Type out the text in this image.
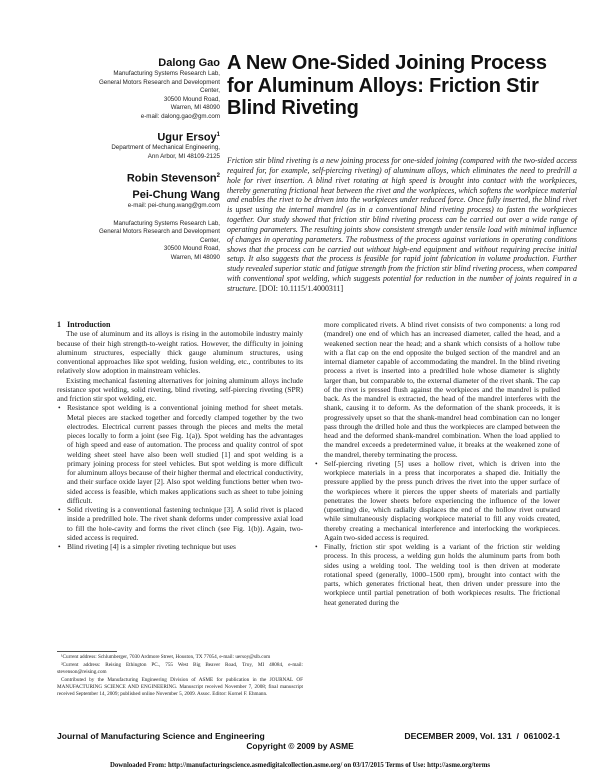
Dalong Gao
Manufacturing Systems Research Lab,
General Motors Research and Development
Center,
30500 Mound Road,
Warren, MI 48090
e-mail: dalong.gao@gm.com
Ugur Ersoy$^1$
Department of Mechanical Engineering,
Ann Arbor, MI 48109-2125
Robin Stevenson$^2$
Pei-Chung Wang
e-mail: pei-chung.wang@gm.com
Manufacturing Systems Research Lab,
General Motors Research and Development
Center,
30500 Mound Road,
Warren, MI 48090
A New One-Sided Joining Process
for Aluminum Alloys: Friction Stir
Blind Riveting
Friction stir blind riveting is a new joining process for one-sided joining (compared with the two-sided access required for, for example, self-piercing riveting) of aluminum alloys, which eliminates the need to predrill a hole for rivet insertion. A blind rivet rotating at high speed is brought into contact with the workpieces, thereby generating frictional heat between the rivet and the workpieces, which softens the workpiece material and enables the rivet to be driven into the workpieces under reduced force. Once fully inserted, the blind rivet is upset using the internal mandrel (as in a conventional blind riveting process) to fasten the workpieces together. Our study showed that friction stir blind riveting process can be carried out over a wide range of operating parameters. The resulting joints show consistent strength under tensile load with minimal influence of changes in operating parameters. The robustness of the process against variations in operating conditions shows that the process can be carried out without high-end equipment and without requiring precise initial setup. It also suggests that the process is feasible for rapid joint fabrication in volume production. Further study revealed superior static and fatigue strength from the friction stir blind riveting process, when compared with conventional spot welding, which suggests potential for reduction in the number of joints required in a structure. [DOI: 10.1115/1.4000311]

1 Introduction

The use of aluminum and its alloys is rising in the automobile industry mainly because of their high strength-to-weight ratios. However, the difficulty in joining aluminum structures, especially thick gauge aluminum structures, using conventional approaches like spot welding, fusion welding, etc., contributes to its relatively slow adoption in mainstream vehicles.

Existing mechanical fastening alternatives for joining aluminum alloys include resistance spot welding, solid riveting, blind riveting, self-piercing riveting (SPR) and friction stir spot welding, etc.

• Resistance spot welding is a conventional joining method for sheet metals. Metal pieces are stacked together and forcedly clamped together by the two electrodes. Electrical current passes through the pieces and melts the metal pieces locally to form a joint (see Fig. 1(a)). Spot welding has the advantages of high speed and ease of automation. The process and quality control of spot welding sheet steel have also been well studied [1] and spot welding is a primary joining process for steel vehicles. But spot welding is more difficult for aluminum alloys because of their higher thermal and electrical conductivity, and their surface oxide layer [2]. Also spot welding functions better when two-sided access is feasible, which makes applications such as sheet to tube joining difficult.
• Solid riveting is a conventional fastening technique [3]. A solid rivet is placed inside a predrilled hole. The rivet shank deforms under compressive axial load to fill the hole-cavity and forms the rivet clinch (see Fig. 1(b)). Again, two-sided access is required.
• Blind riveting [4] is a simpler riveting technique but uses

more complicated rivets. A blind rivet consists of two components: a long rod (mandrel) one end of which has an increased diameter, called the head, and a weakened section near the head; and a shank which consists of a hollow tube with a flat cap on the end opposite the bulged section of the mandrel and an internal diameter capable of accommodating the mandrel. In the blind riveting process a rivet is inserted into a predrilled hole whose diameter is slightly larger than, but comparable to, the external diameter of the rivet shank. The cap of the rivet is pressed flush against the workpieces and the mandrel is pulled back. As the mandrel is extracted, the head of the mandrel interferes with the shank, causing it to deform. As the deformation of the shank proceeds, it is progressively upset so that the shank-mandrel head combination can no longer pass through the drilled hole and thus the workpieces are clamped between the head and the deformed shank-mandrel combination. When the load applied to the mandrel exceeds a predetermined value, it breaks at the weakened zone of the mandrel, thereby terminating the process.

• Self-piercing riveting [5] uses a hollow rivet, which is driven into the workpiece materials in a press that incorporates a shaped die. Initially the pressure applied by the press punch drives the rivet into the upper surface of the workpieces where it pierces the upper sheets of materials and partially penetrates the lower sheets before experiencing the influence of the lower (upsetting) die, which radially displaces the end of the hollow rivet outward while simultaneously displacing workpiece material to fill any voids created, thereby creating a mechanical interference and interlocking the workpieces. Again two-sided access is required.
• Finally, friction stir spot welding is a variant of the friction stir welding process. In this process, a welding gun holds the aluminum parts from both sides using a welding tool. The welding tool is then driven at moderate rotational speed (generally, 1000–1500 rpm), brought into contact with the parts, which generates frictional heat, then driven under pressure into the workpiece until partial penetration of both workpieces results. The frictional heat generated during the

¹Current address: Schlumberger, 7030 Ardmore Street, Houston, TX 77054, e-mail: uersoy@slb.com

²Current address: Reising Ethington PC., 755 West Big Beaver Road, Troy, MI 48084, e-mail: stevenson@reising.com

Contributed by the Manufacturing Engineering Division of ASME for publication in the JOURNAL OF MANUFACTURING SCIENCE AND ENGINEERING. Manuscript received November 7, 2008; final manuscript received September 14, 2009; published online November 5, 2009. Assoc. Editor: Kornel F. Ehmann.

Journal of Manufacturing Science and Engineering	DECEMBER 2009, Vol. 131 / 061002-1
Copyright © 2009 by ASME
Downloaded From: http://manufacturingscience.asmedigitalcollection.asme.org/ on 03/17/2015 Terms of Use: http://asme.org/terms
